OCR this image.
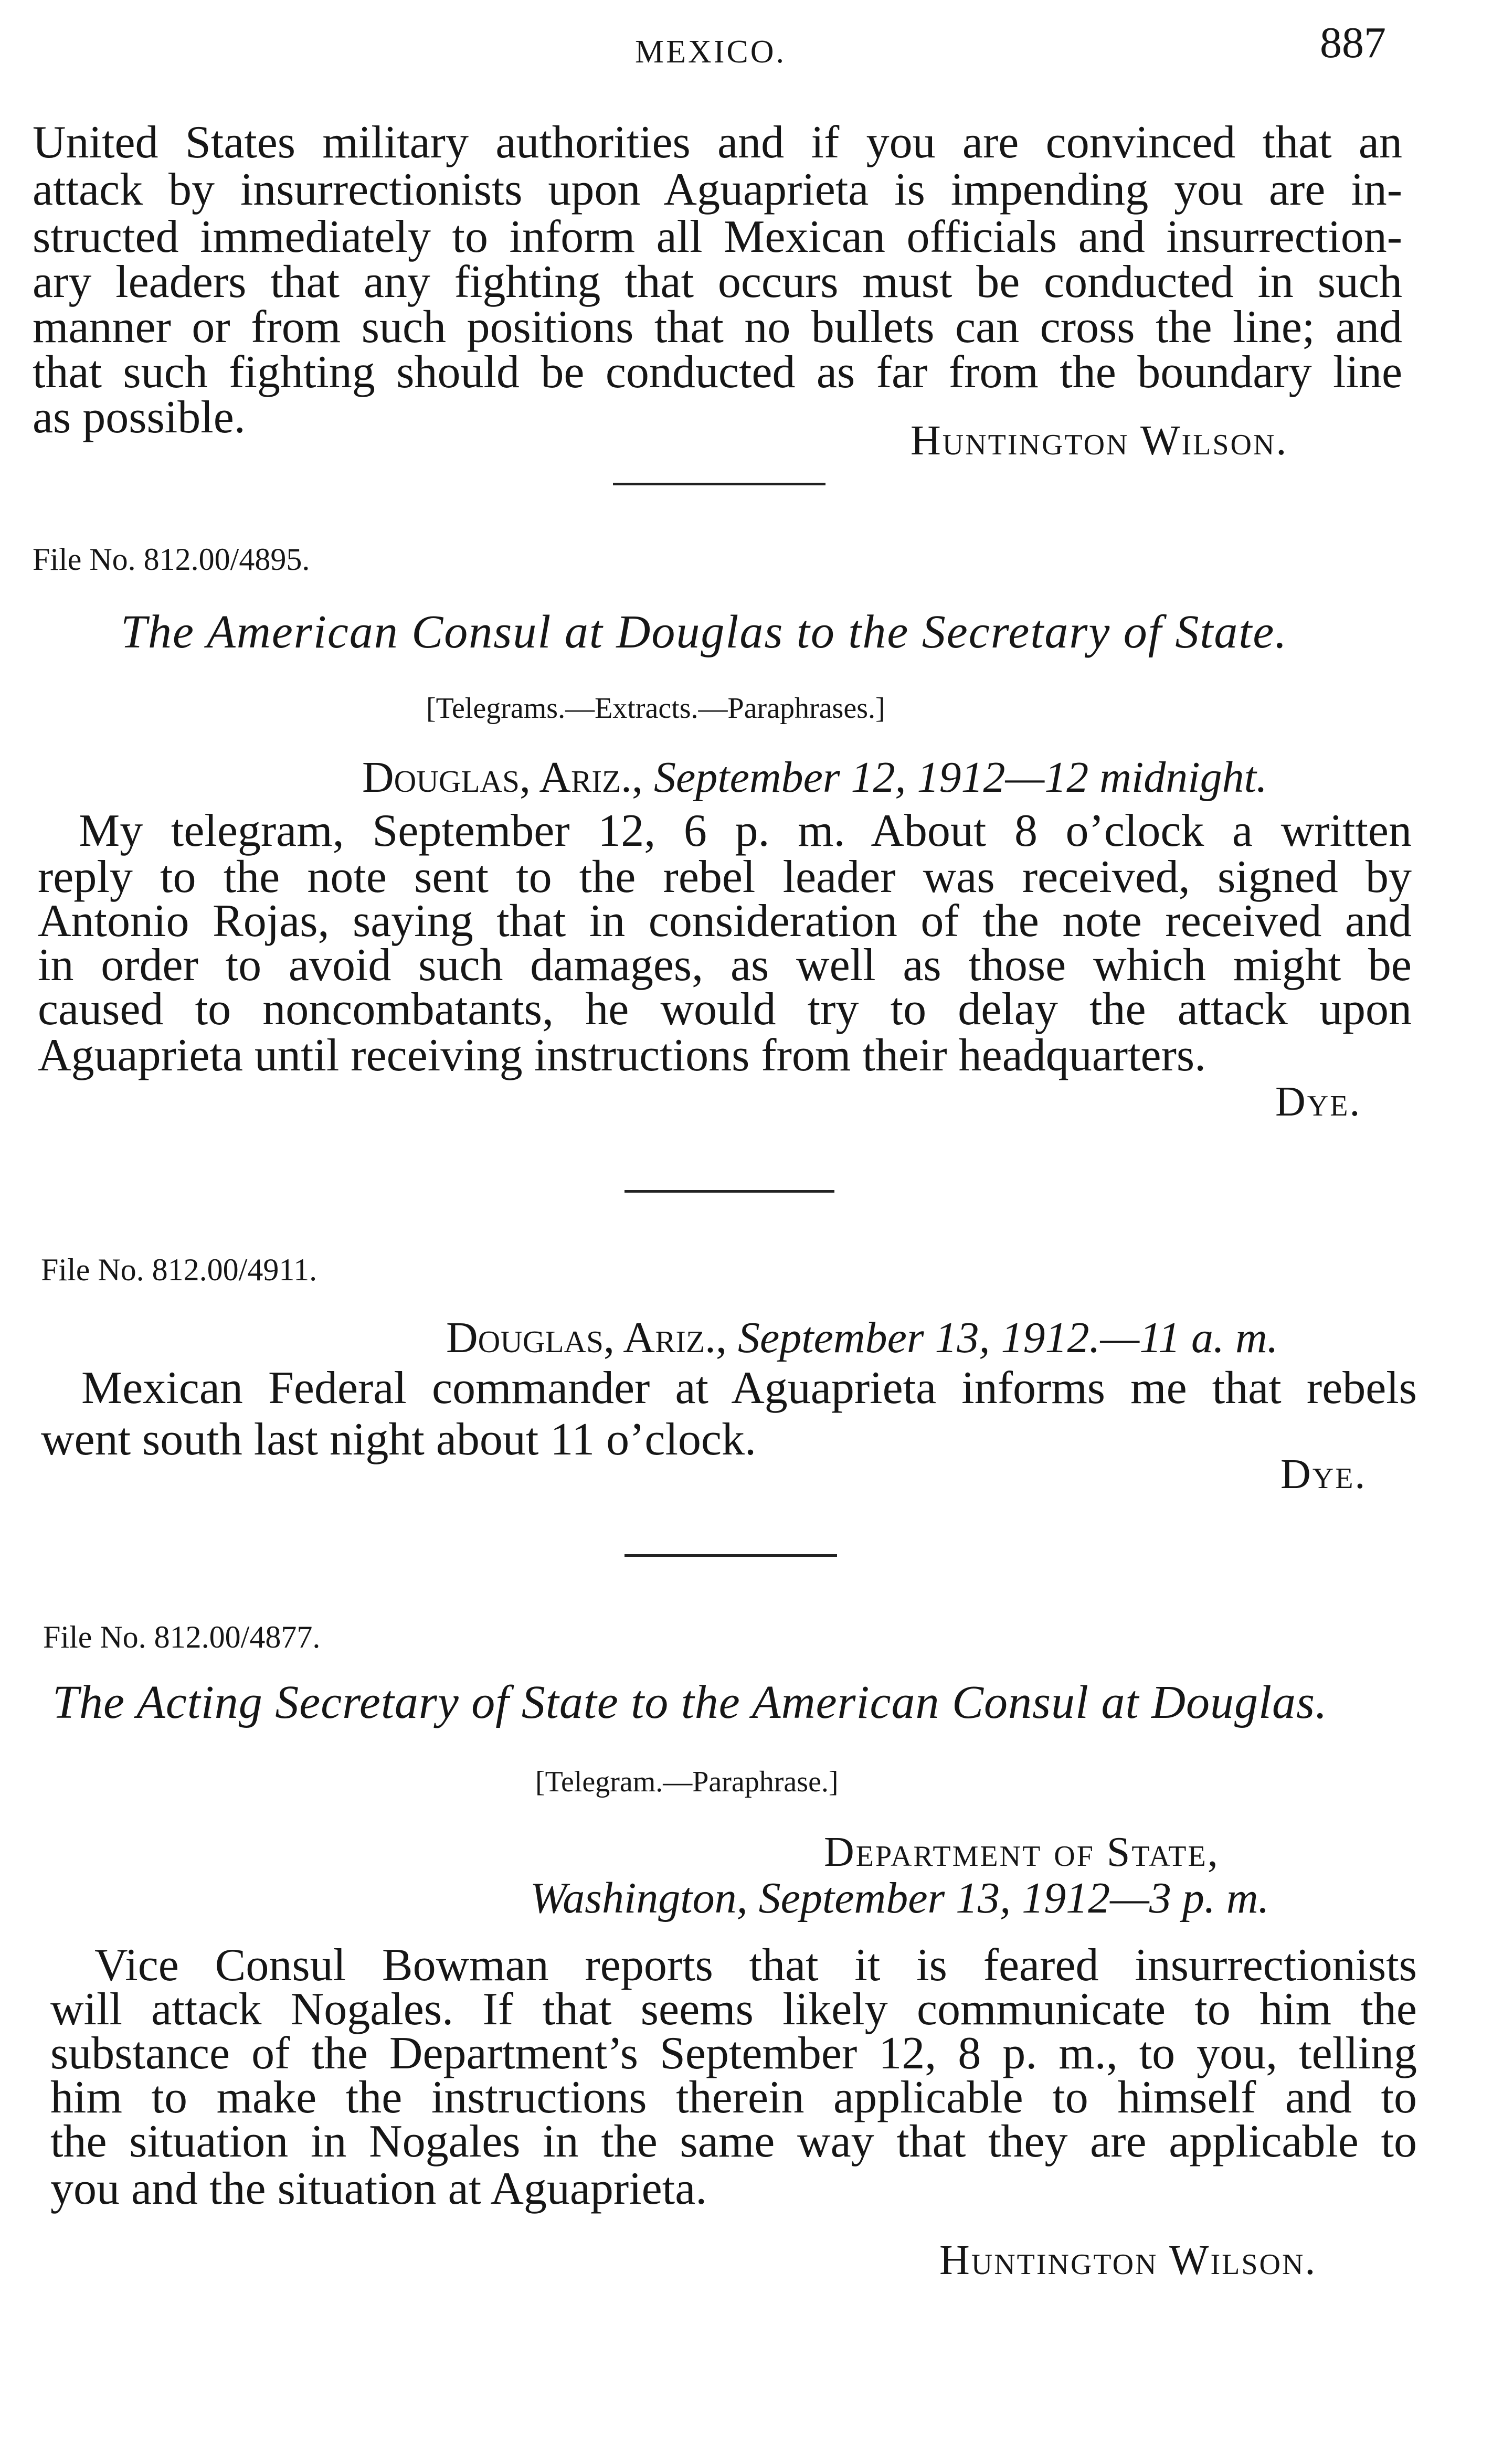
MEXICO.	887
United States military authorities and if you are convinced that an
attack by insurrectionists upon Aguaprieta is impending you are in-
structed immediately to inform all Mexican officials and insurrection-
ary leaders that any fighting that occurs must be conducted in such
manner or from such positions that no bullets can cross the line; and
that such fighting should be conducted as far from the boundary line
as possible.	Huntington Wilson.
File No. 812.00/4895.
The American Consul at Douglas to the Secretary of State.
[Telegrams.—Extracts.—Paraphrases.]
Douglas, Ariz., September 12, 1912—12 midnight.
My telegram, September 12, 6 p. m. About 8 o’clock a written
reply to the note sent to the rebel leader was received, signed by
Antonio Rojas, saying that in consideration of the note received and
in order to avoid such damages, as well as those which might be
caused to noncombatants, he would try to delay the attack upon
Aguaprieta until receiving instructions from their headquarters.
Dye.
File No. 812.00/4911.
Douglas, Ariz., September 13, 1912.—11 a. m.
Mexican Federal commander at Aguaprieta informs me that rebels
went south last night about 11 o’clock.
Dye.
File No. 812.00/4877.
The Acting Secretary of State to the American Consul at Douglas.
[Telegram.—Paraphrase.]
Department of State,
Washington, September 13, 1912—3 p. m.
Vice Consul Bowman reports that it is feared insurrectionists
will attack Nogales. If that seems likely communicate to him the
substance of the Department’s September 12, 8 p. m., to you, telling
him to make the instructions therein applicable to himself and to
the situation in Nogales in the same way that they are applicable to
you and the situation at Aguaprieta.
Huntington Wilson.
